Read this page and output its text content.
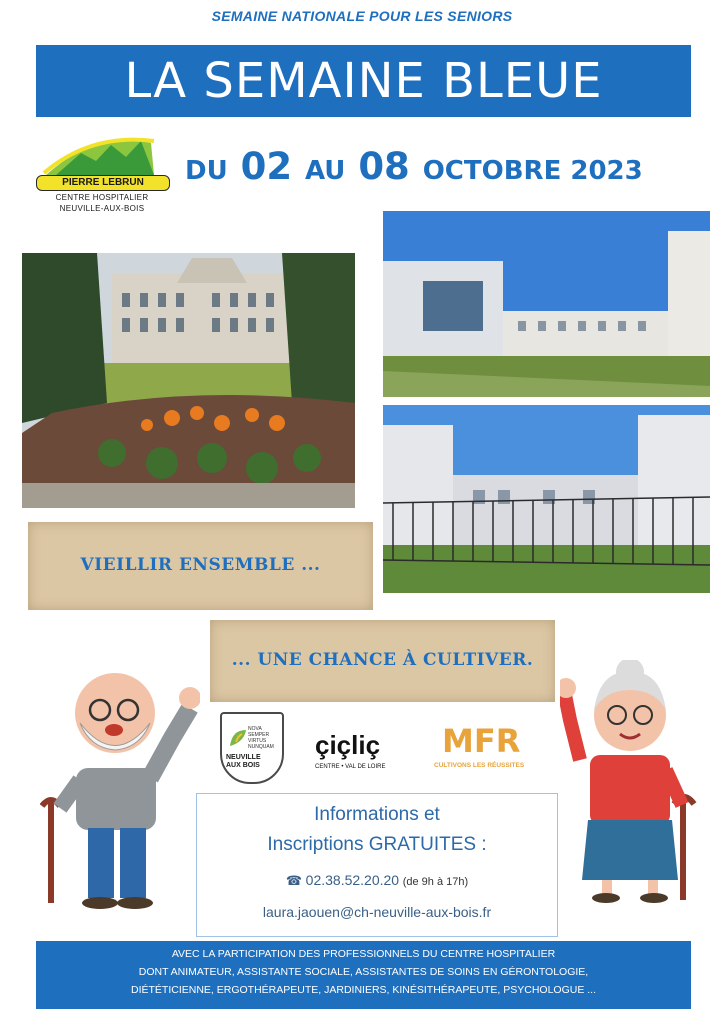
SEMAINE NATIONALE POUR LES SENIORS
LA SEMAINE BLEUE
PIERRE LEBRUN
CENTRE HOSPITALIER
NEUVILLE-AUX-BOIS
DU 02 AU 08 OCTOBRE 2023
VIEILLIR ENSEMBLE ...
... UNE CHANCE À CULTIVER.
NOVA
SEMPER
VIRTUS
NUNQUAM
NEUVILLE AUX BOIS
çiçliç
CENTRE • VAL DE LOIRE
MFR
CULTIVONS LES RÉUSSITES
Informations et
Inscriptions GRATUITES :
☎ 02.38.52.20.20 (de 9h à 17h)
laura.jaouen@ch-neuville-aux-bois.fr
AVEC LA PARTICIPATION DES PROFESSIONNELS DU CENTRE HOSPITALIER
DONT ANIMATEUR, ASSISTANTE SOCIALE, ASSISTANTES DE SOINS EN GÉRONTOLOGIE,
DIÉTÉTICIENNE, ERGOTHÉRAPEUTE, JARDINIERS, KINÉSITHÉRAPEUTE, PSYCHOLOGUE ...
